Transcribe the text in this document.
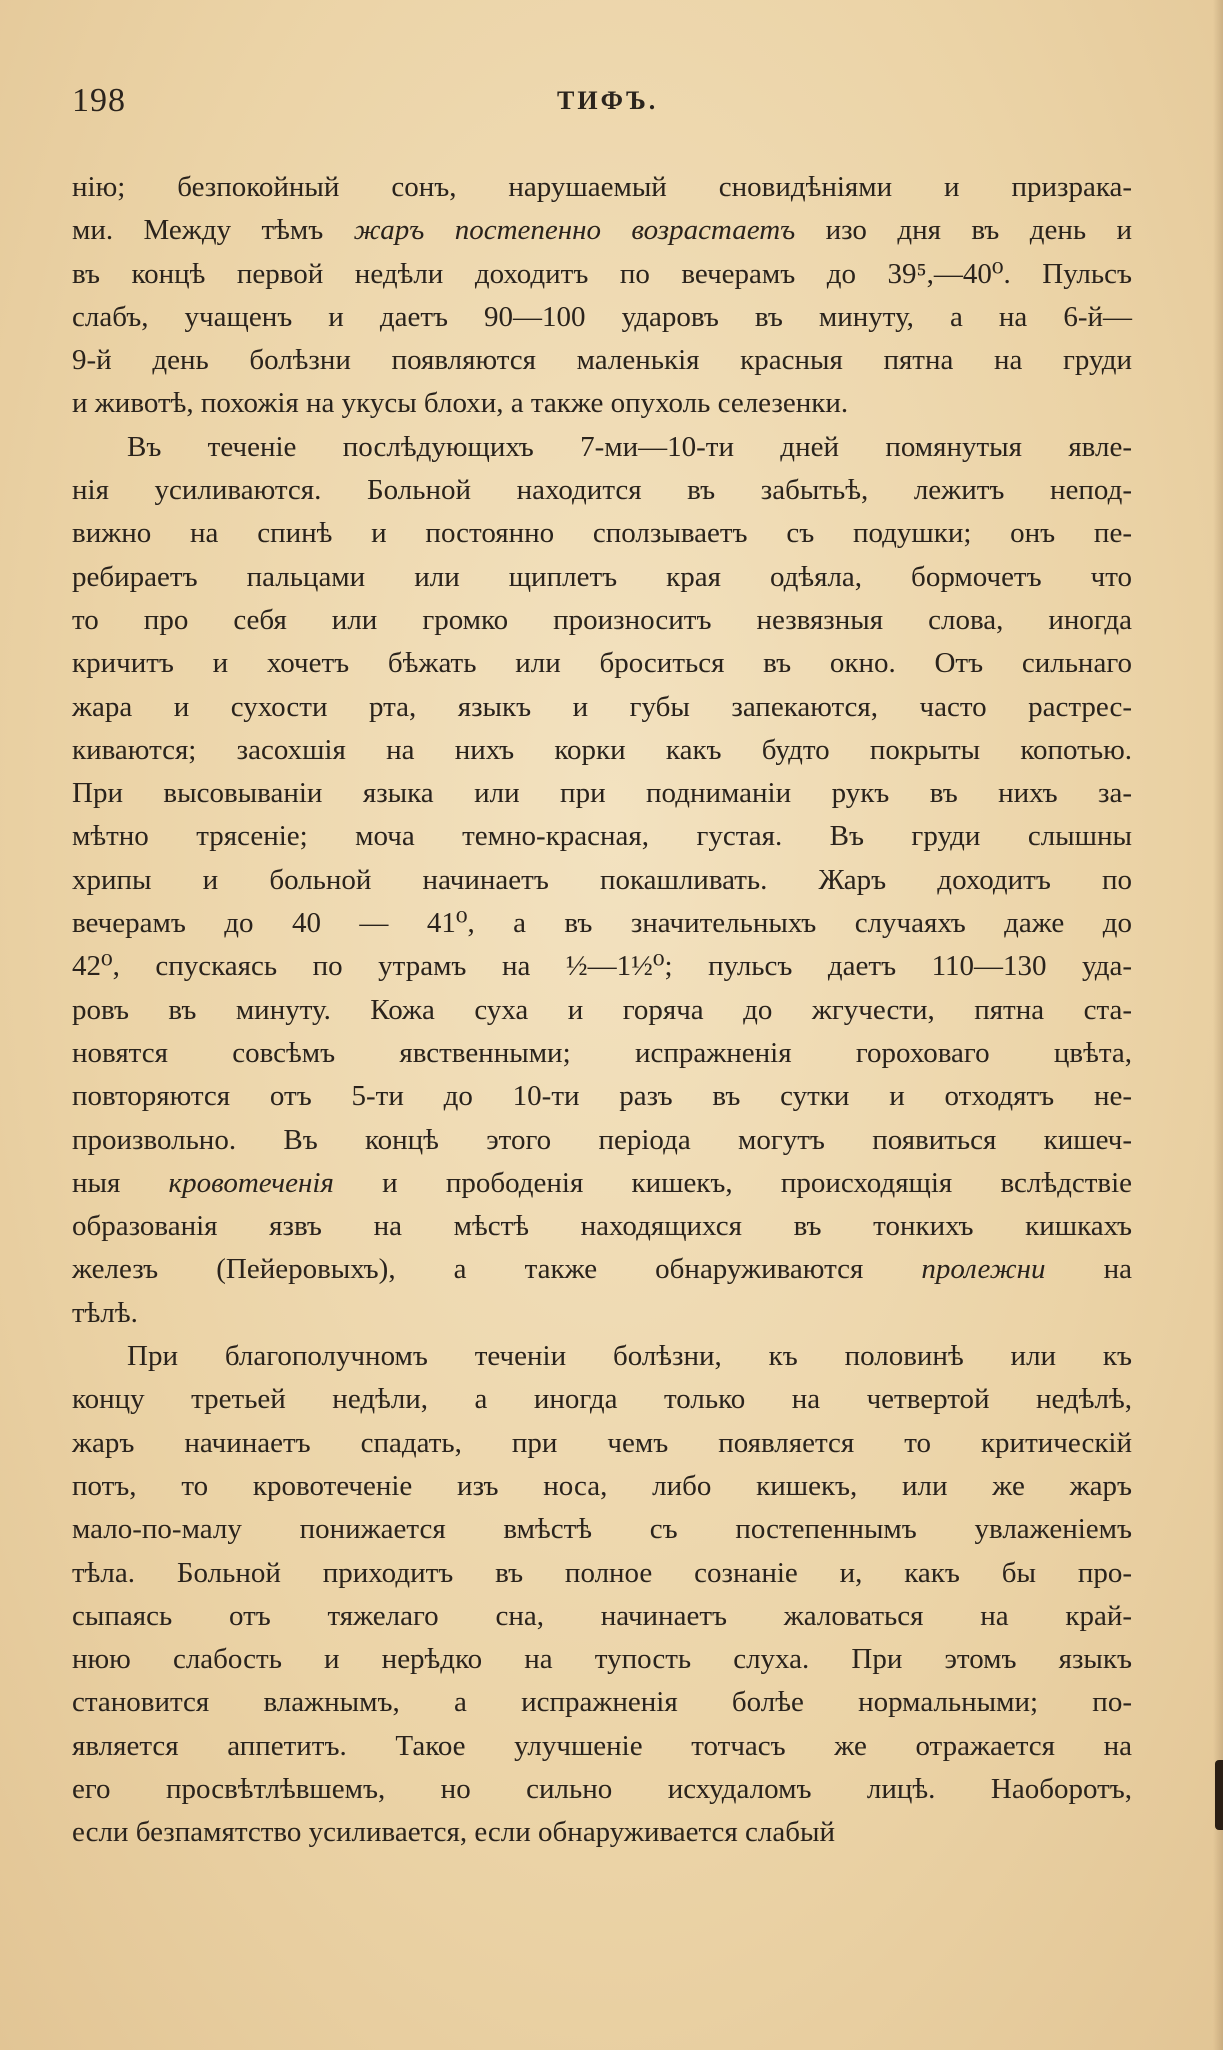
198	ТИФЪ.
нію; безпокойный сонъ, нарушаемый сновидѣніями и призрака-
ми. Между тѣмъ жаръ постепенно возрастаетъ изо дня въ день и
въ концѣ первой недѣли доходитъ по вечерамъ до 39⁵,—40⁰. Пульсъ
слабъ, учащенъ и даетъ 90—100 ударовъ въ минуту, а на 6-й—
9-й день болѣзни появляются маленькія красныя пятна на груди
и животѣ, похожія на укусы блохи, а также опухоль селезенки.
Въ теченіе послѣдующихъ 7-ми—10-ти дней помянутыя явле-
нія усиливаются. Больной находится въ забытьѣ, лежитъ непод-
вижно на спинѣ и постоянно сползываетъ съ подушки; онъ пе-
ребираетъ пальцами или щиплетъ края одѣяла, бормочетъ что
то про себя или громко произноситъ незвязныя слова, иногда
кричитъ и хочетъ бѣжать или броситься въ окно. Отъ сильнаго
жара и сухости рта, языкъ и губы запекаются, часто растрес-
киваются; засохшія на нихъ корки какъ будто покрыты копотью.
При высовываніи языка или при подниманіи рукъ въ нихъ за-
мѣтно трясеніе; моча темно-красная, густая. Въ груди слышны
хрипы и больной начинаетъ покашливать. Жаръ доходитъ по
вечерамъ до 40 — 41⁰, а въ значительныхъ случаяхъ даже до
42⁰, спускаясь по утрамъ на ½—1½⁰; пульсъ даетъ 110—130 уда-
ровъ въ минуту. Кожа суха и горяча до жгучести, пятна ста-
новятся совсѣмъ явственными; испражненія гороховаго цвѣта,
повторяются отъ 5-ти до 10-ти разъ въ сутки и отходятъ не-
произвольно. Въ концѣ этого періода могутъ появиться кишеч-
ныя кровотеченія и прободенія кишекъ, происходящія вслѣдствіе
образованія язвъ на мѣстѣ находящихся въ тонкихъ кишкахъ
железъ (Пейеровыхъ), а также обнаруживаются пролежни на
тѣлѣ.
При благополучномъ теченіи болѣзни, къ половинѣ или къ
концу третьей недѣли, а иногда только на четвертой недѣлѣ,
жаръ начинаетъ спадать, при чемъ появляется то критическій
потъ, то кровотеченіе изъ носа, либо кишекъ, или же жаръ
мало-по-малу понижается вмѣстѣ съ постепеннымъ увлаженіемъ
тѣла. Больной приходитъ въ полное сознаніе и, какъ бы про-
сыпаясь отъ тяжелаго сна, начинаетъ жаловаться на край-
нюю слабость и нерѣдко на тупость слуха. При этомъ языкъ
становится влажнымъ, а испражненія болѣе нормальными; по-
является аппетитъ. Такое улучшеніе тотчасъ же отражается на
его просвѣтлѣвшемъ, но сильно исхудаломъ лицѣ. Наоборотъ,
если безпамятство усиливается, если обнаруживается слабый
